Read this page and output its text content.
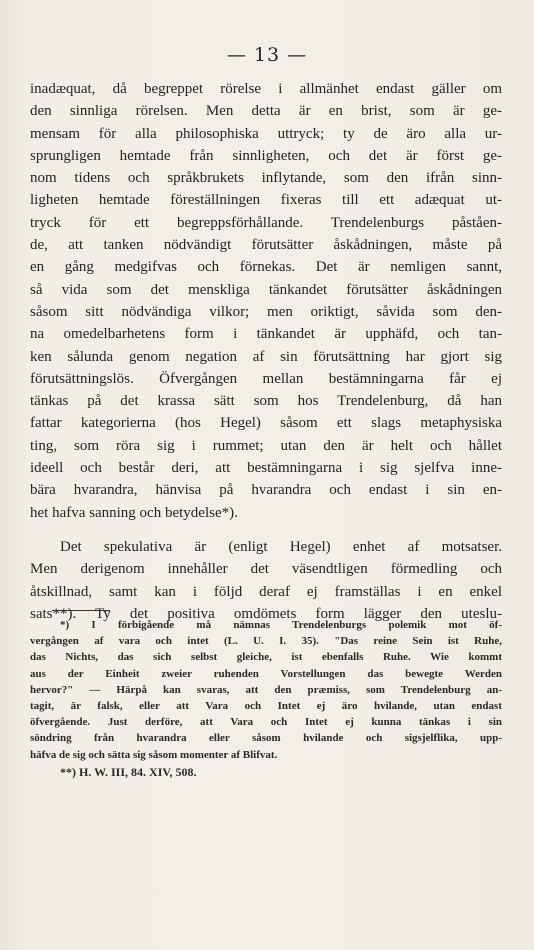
— 13 —

inadæquat, då begreppet rörelse i allmänhet endast gäller om
den sinnliga rörelsen. Men detta är en brist, som är ge-
mensam för alla philosophiska uttryck; ty de äro alla ur-
sprungligen hemtade från sinnligheten, och det är först ge-
nom tidens och språkbrukets inflytande, som den ifrån sinn-
ligheten hemtade föreställningen fixeras till ett adæquat ut-
tryck för ett begreppsförhållande. Trendelenburgs påståen-
de, att tanken nödvändigt förutsätter åskådningen, måste på
en gång medgifvas och förnekas. Det är nemligen sannt,
så vida som det menskliga tänkandet förutsätter åskådningen
såsom sitt nödvändiga vilkor; men oriktigt, såvida som den-
na omedelbarhetens form i tänkandet är upphäfd, och tan-
ken sålunda genom negation af sin förutsättning har gjort sig
förutsättningslös. Öfvergången mellan bestämningarna får ej
tänkas på det krassa sätt som hos Trendelenburg, då han
fattar kategorierna (hos Hegel) såsom ett slags metaphysiska
ting, som röra sig i rummet; utan den är helt och hållet
ideell och består deri, att bestämningarna i sig sjelfva inne-
bära hvarandra, hänvisa på hvarandra och endast i sin en-
het hafva sanning och betydelse*).

Det spekulativa är (enligt Hegel) enhet af motsatser.
Men derigenom innehåller det väsendtligen förmedling och
åtskillnad, samt kan i följd deraf ej framställas i en enkel
sats**). Ty det positiva omdömets form lägger den uteslu-

*) I förbigående må nämnas Trendelenburgs polemik mot öf-
vergången af vara och intet (L. U. I. 35). "Das reine Sein ist Ruhe,
das Nichts, das sich selbst gleiche, ist ebenfalls Ruhe. Wie kommt
aus der Einheit zweier ruhenden Vorstellungen das bewegte Werden
hervor?" — Härpå kan svaras, att den præmiss, som Trendelenburg an-
tagit, är falsk, eller att Vara och Intet ej äro hvilande, utan endast
öfvergående. Just derföre, att Vara och Intet ej kunna tänkas i sin
söndring från hvarandra eller såsom hvilande och sigsjelflika, upp-
häfva de sig och sätta sig såsom momenter af Blifvat.
**) H. W. III, 84. XIV, 508.
